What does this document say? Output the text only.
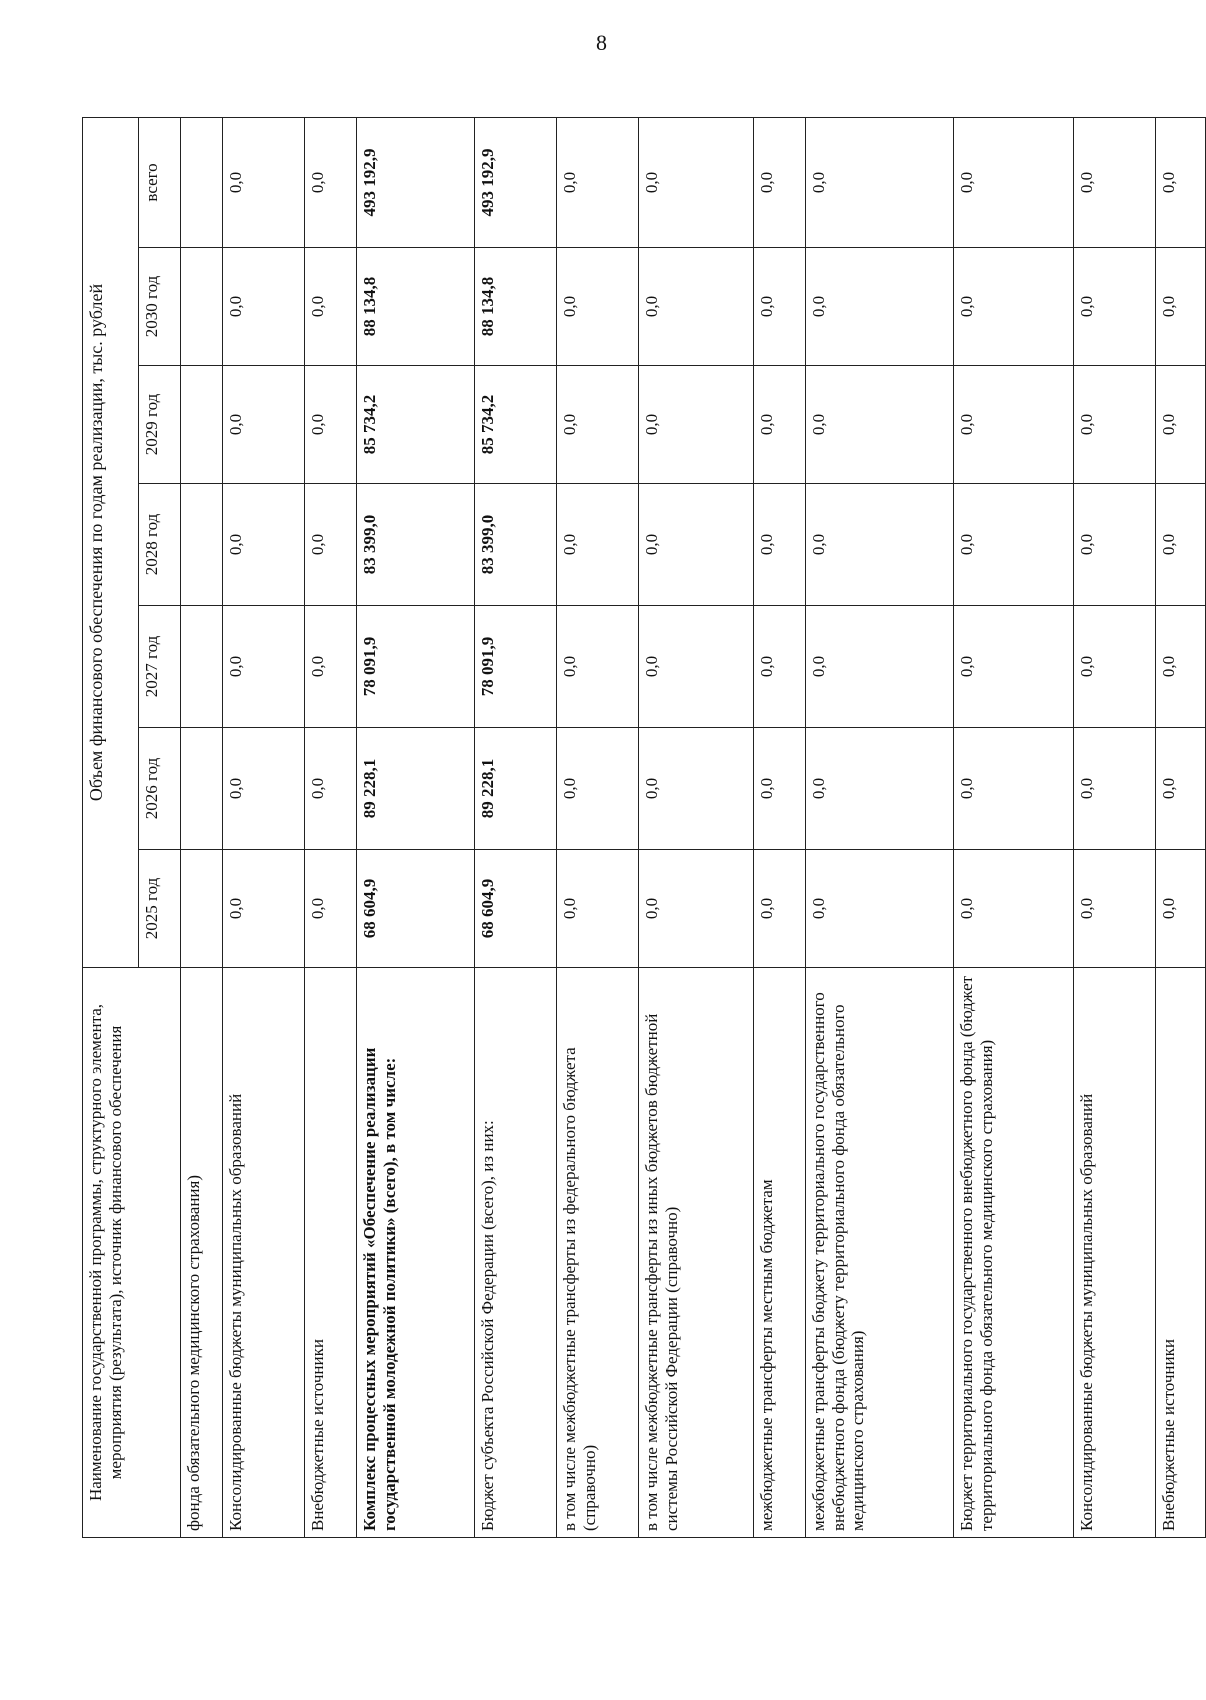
8
Наименование государственной программы, структурного элемента, мероприятия (результата), источник финансового обеспечения	Объем финансового обеспечения по годам реализации, тыс. рублей						
	2025 год	2026 год	2027 год	2028 год	2029 год	2030 год	всего
фонда обязательного медицинского страхования)							
Консолидированные бюджеты муниципальных образований	0,0	0,0	0,0	0,0	0,0	0,0	0,0
Внебюджетные источники	0,0	0,0	0,0	0,0	0,0	0,0	0,0
Комплекс процессных мероприятий «Обеспечение реализации государственной молодежной политики» (всего), в том числе:	68 604,9	89 228,1	78 091,9	83 399,0	85 734,2	88 134,8	493 192,9
Бюджет субъекта Российской Федерации (всего), из них:	68 604,9	89 228,1	78 091,9	83 399,0	85 734,2	88 134,8	493 192,9
в том числе межбюджетные трансферты из федерального бюджета (справочно)	0,0	0,0	0,0	0,0	0,0	0,0	0,0
в том числе межбюджетные трансферты из иных бюджетов бюджетной системы Российской Федерации (справочно)	0,0	0,0	0,0	0,0	0,0	0,0	0,0
межбюджетные трансферты местным бюджетам	0,0	0,0	0,0	0,0	0,0	0,0	0,0
межбюджетные трансферты бюджету территориального государственного внебюджетного фонда (бюджету территориального фонда обязательного медицинского страхования)	0,0	0,0	0,0	0,0	0,0	0,0	0,0
Бюджет территориального государственного внебюджетного фонда (бюджет территориального фонда обязательного медицинского страхования)	0,0	0,0	0,0	0,0	0,0	0,0	0,0
Консолидированные бюджеты муниципальных образований	0,0	0,0	0,0	0,0	0,0	0,0	0,0
Внебюджетные источники	0,0	0,0	0,0	0,0	0,0	0,0	0,0
